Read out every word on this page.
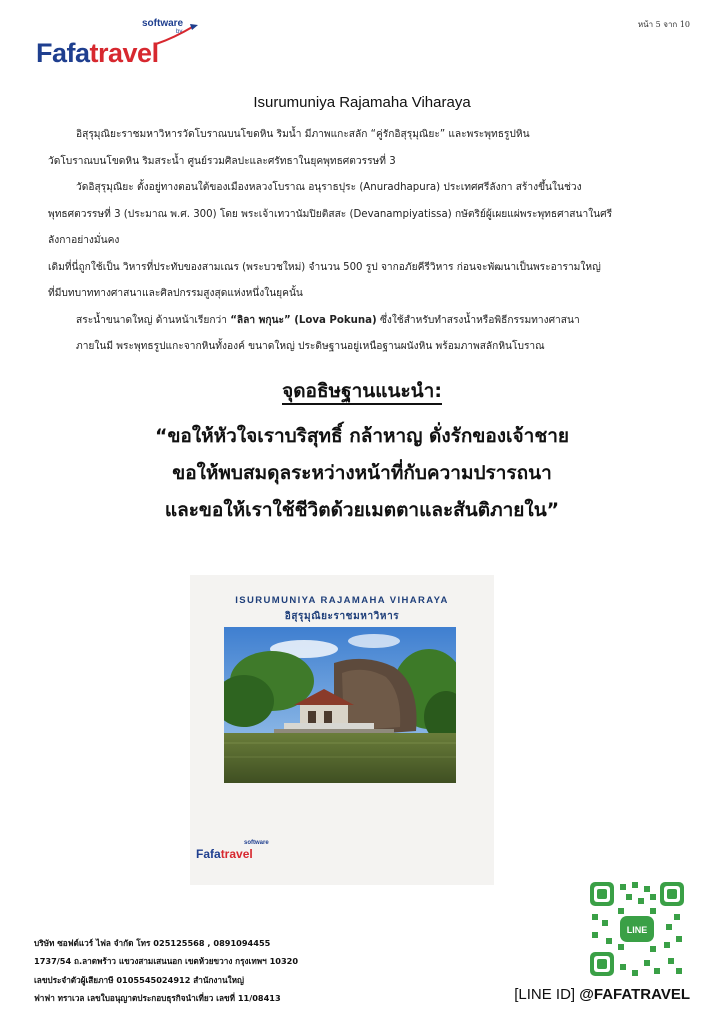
software
by
Fafatravel
หน้า 5 จาก 10
Isurumuniya Rajamaha Viharaya

อิสุรุมุณิยะราชมหาวิหารวัดโบราณบนโขดหิน ริมน้ำ มีภาพแกะสลัก “คู่รักอิสุรุมุณิยะ” และพระพุทธรูปหิน

วัดโบราณบนโขดหิน ริมสระน้ำ ศูนย์รวมศิลปะและศรัทธาในยุคพุทธศตวรรษที่ 3

วัดอิสุรุมุณิยะ ตั้งอยู่ทางตอนใต้ของเมืองหลวงโบราณ อนุราธปุระ (Anuradhapura) ประเทศศรีลังกา สร้างขึ้นในช่วง

พุทธศตวรรษที่ 3 (ประมาณ พ.ศ. 300) โดย พระเจ้าเทวานัมปิยติสสะ (Devanampiyatissa) กษัตริย์ผู้เผยแผ่พระพุทธศาสนาในศรี

ลังกาอย่างมั่นคง

เดิมที่นี่ถูกใช้เป็น วิหารที่ประทับของสามเณร (พระบวชใหม่) จำนวน 500 รูป จากอภัยคีรีวิหาร ก่อนจะพัฒนาเป็นพระอารามใหญ่

ที่มีบทบาททางศาสนาและศิลปกรรมสูงสุดแห่งหนึ่งในยุคนั้น

สระน้ำขนาดใหญ่ ด้านหน้าเรียกว่า “ลิลา พกุนะ” (Lova Pokuna) ซึ่งใช้สำหรับทำสรงน้ำหรือพิธีกรรมทางศาสนา

ภายในมี พระพุทธรูปแกะจากหินทั้งองค์ ขนาดใหญ่ ประดิษฐานอยู่เหนือฐานผนังหิน พร้อมภาพสลักหินโบราณ

จุดอธิษฐานแนะนำ:
“ขอให้หัวใจเราบริสุทธิ์ กล้าหาญ ดั่งรักของเจ้าชาย
ขอให้พบสมดุลระหว่างหน้าที่กับความปรารถนา
และขอให้เราใช้ชีวิตด้วยเมตตาและสันติภายใน”
ISURUMUNIYA RAJAMAHA VIHARAYA
อิสุรุมุณิยะราชมหาวิหาร
software
Fafatravel
LINE
[LINE ID] @FAFATRAVEL
บริษัท ซอฟต์แวร์ ไฟล จำกัด โทร 025125568 , 0891094455
1737/54 ถ.ลาดพร้าว แขวงสามเสนนอก เขตห้วยขวาง กรุงเทพฯ 10320
เลขประจำตัวผู้เสียภาษี 0105545024912 สำนักงานใหญ่
ฟาฟา ทราเวล เลขใบอนุญาตประกอบธุรกิจนำเที่ยว เลขที่ 11/08413
